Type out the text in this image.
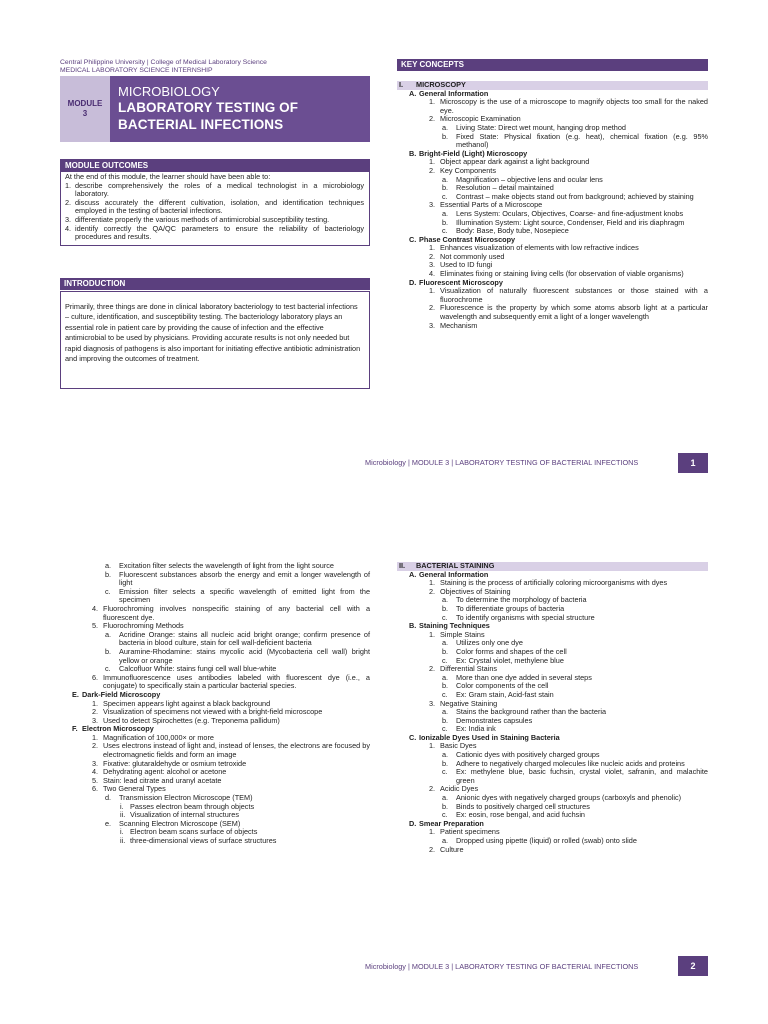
Central Philippine University | College of Medical Laboratory Science
MEDICAL LABORATORY SCIENCE INTERNSHIP
MODULE
3
MICROBIOLOGY
LABORATORY TESTING OF
BACTERIAL INFECTIONS
MODULE OUTCOMES
At the end of this module, the learner should have been able to:
1. describe comprehensively the roles of a medical technologist in a microbiology laboratory.
2. discuss accurately the different cultivation, isolation, and identification techniques employed in the testing of bacterial infections.
3. differentiate properly the various methods of antimicrobial susceptibility testing.
4. identify correctly the QA/QC parameters to ensure the reliability of bacteriology procedures and results.
INTRODUCTION
Primarily, three things are done in clinical laboratory bacteriology to test bacterial infections – culture, identification, and susceptibility testing. The bacteriology laboratory plays an essential role in patient care by providing the cause of infection and the effective antimicrobial to be used by physicians. Providing accurate results is not only needed but rapid diagnosis of pathogens is also important for initiating effective antibiotic administration and improving the outcomes of treatment.
KEY CONCEPTS
I.	MICROSCOPY
A. General Information
1. Microscopy is the use of a microscope to magnify objects too small for the naked eye.
2. Microscopic Examination
a.	Living State: Direct wet mount, hanging drop method
b.	Fixed State: Physical fixation (e.g. heat), chemical fixation (e.g. 95% methanol)
B. Bright-Field (Light) Microscopy
1. Object appear dark against a light background
2. Key Components
a.	Magnification – objective lens and ocular lens
b.	Resolution – detail maintained
c.	Contrast – make objects stand out from background; achieved by staining
3. Essential Parts of a Microscope
a.	Lens System: Oculars, Objectives, Coarse- and fine-adjustment knobs
b.	Illumination System: Light source, Condenser, Field and iris diaphragm
c.	Body: Base, Body tube, Nosepiece
C. Phase Contrast Microscopy
1. Enhances visualization of elements with low refractive indices
2. Not commonly used
3. Used to ID fungi
4. Eliminates fixing or staining living cells (for observation of viable organisms)
D. Fluorescent Microscopy
1. Visualization of naturally fluorescent substances or those stained with a fluorochrome
2. Fluorescence is the property by which some atoms absorb light at a particular wavelength and subsequently emit a light of a longer wavelength
3. Mechanism
Microbiology | MODULE 3 | LABORATORY TESTING OF BACTERIAL INFECTIONS	1
a.	Excitation filter selects the wavelength of light from the light source
b.	Fluorescent substances absorb the energy and emit a longer wavelength of light
c.	Emission filter selects a specific wavelength of emitted light from the specimen
4. Fluorochroming involves nonspecific staining of any bacterial cell with a fluorescent dye.
5. Fluorochroming Methods
a.	Acridine Orange: stains all nucleic acid bright orange; confirm presence of bacteria in blood culture, stain for cell wall-deficient bacteria
b.	Auramine-Rhodamine: stains mycolic acid (Mycobacteria cell wall) bright yellow or orange
c.	Calcofluor White: stains fungi cell wall blue-white
6. Immunofluorescence uses antibodies labeled with fluorescent dye (i.e., a conjugate) to specifically stain a particular bacterial species.
E. Dark-Field Microscopy
1. Specimen appears light against a black background
2. Visualization of specimens not viewed with a bright-field microscope
3. Used to detect Spirochettes (e.g. Treponema pallidum)
F. Electron Microscopy
1. Magnification of 100,000× or more
2. Uses electrons instead of light and, instead of lenses, the electrons are focused by electromagnetic fields and form an image
3. Fixative: glutaraldehyde or osmium tetroxide
4. Dehydrating agent: alcohol or acetone
5. Stain: lead citrate and uranyl acetate
6. Two General Types
d.	Transmission Electron Microscope (TEM)
i. Passes electron beam through objects
ii. Visualization of internal structures
e.	Scanning Electron Microscope (SEM)
i. Electron beam scans surface of objects
ii. three-dimensional views of surface structures
II.	BACTERIAL STAINING
A. General Information
1. Staining is the process of artificially coloring microorganisms with dyes
2. Objectives of Staining
a.	To determine the morphology of bacteria
b.	To differentiate groups of bacteria
c.	To identify organisms with special structure
B. Staining Techniques
1. Simple Stains
a.	Utilizes only one dye
b.	Color forms and shapes of the cell
c.	Ex: Crystal violet, methylene blue
2. Differential Stains
a.	More than one dye added in several steps
b.	Color components of the cell
c.	Ex: Gram stain, Acid-fast stain
3. Negative Staining
a.	Stains the background rather than the bacteria
b.	Demonstrates capsules
c.	Ex: India ink
C. Ionizable Dyes Used in Staining Bacteria
1. Basic Dyes
a.	Cationic dyes with positively charged groups
b.	Adhere to negatively charged molecules like nucleic acids and proteins
c.	Ex: methylene blue, basic fuchsin, crystal violet, safranin, and malachite green
2. Acidic Dyes
a.	Anionic dyes with negatively charged groups (carboxyls and phenolic)
b.	Binds to positively charged cell structures
c.	Ex: eosin, rose bengal, and acid fuchsin
D. Smear Preparation
1. Patient specimens
a.	Dropped using pipette (liquid) or rolled (swab) onto slide
2. Culture
Microbiology | MODULE 3 | LABORATORY TESTING OF BACTERIAL INFECTIONS	2
